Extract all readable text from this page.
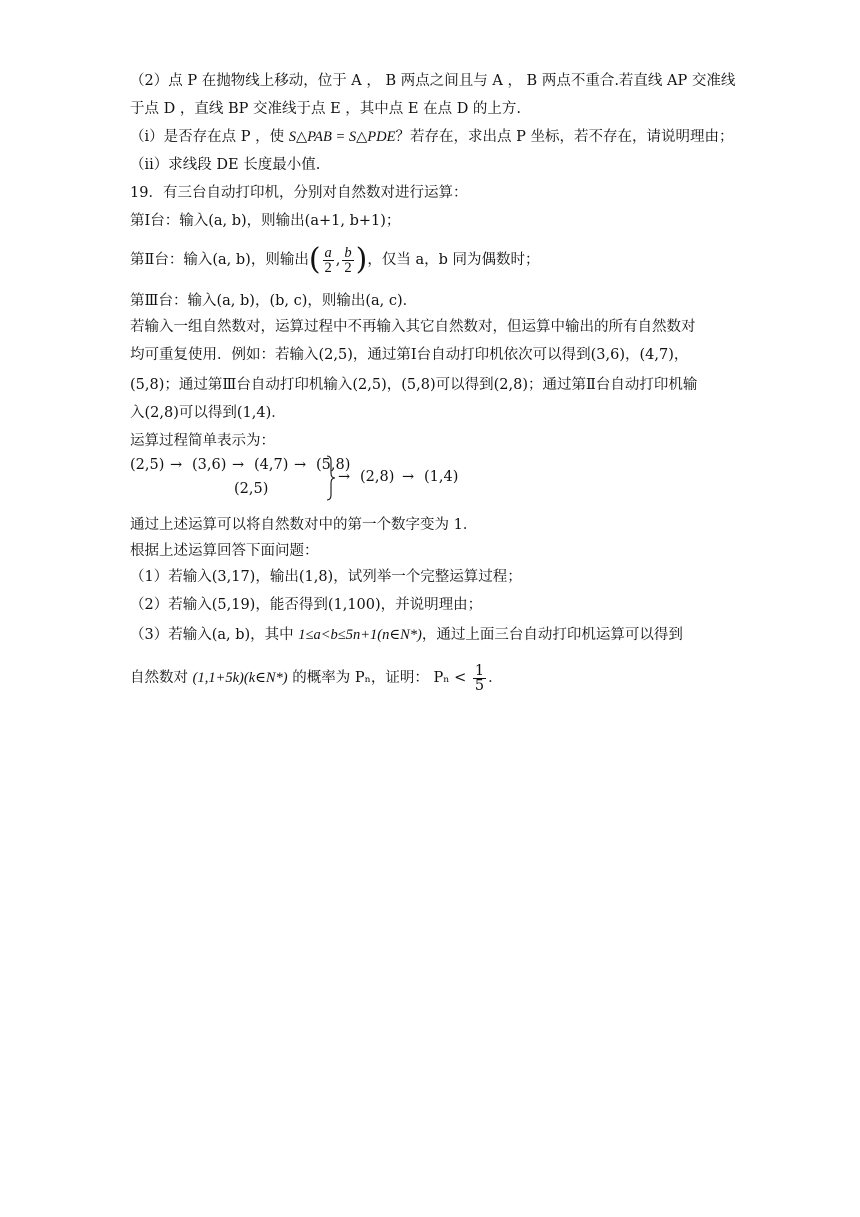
（2）点 P 在抛物线上移动，位于 A ， B 两点之间且与 A ， B 两点不重合.若直线 AP 交准线
于点 D ，直线 BP 交准线于点 E ，其中点 E 在点 D 的上方.
（i）是否存在点 P ，使 S△PAB = S△PDE？若存在，求出点 P 坐标，若不存在，请说明理由；
（ii）求线段 DE 长度最小值.
19．有三台自动打印机，分别对自然数对进行运算：
第Ⅰ台：输入(a, b)，则输出(a+1, b+1)；
第Ⅱ台：输入(a, b)，则输出( $\frac{a}{2}$ , $\frac{b}{2}$ )，仅当 a，b 同为偶数时；
第Ⅲ台：输入(a, b)，(b, c)，则输出(a, c)．
若输入一组自然数对，运算过程中不再输入其它自然数对，但运算中输出的所有自然数对
均可重复使用．例如：若输入(2,5)，通过第Ⅰ台自动打印机依次可以得到(3,6)，(4,7)，
(5,8)；通过第Ⅲ台自动打印机输入(2,5)，(5,8)可以得到(2,8)；通过第Ⅱ台自动打印机输
入(2,8)可以得到(1,4)．
运算过程简单表示为：
(2,5) → (3,6) → (4,7) → (5,8)
(2,5)
→ (2,8) → (1,4)
通过上述运算可以将自然数对中的第一个数字变为 1．
根据上述运算回答下面问题：
（1）若输入(3,17)，输出(1,8)，试列举一个完整运算过程；
（2）若输入(5,19)，能否得到(1,100)，并说明理由；
（3）若输入(a, b)，其中 1≤a<b≤5n+1(n∈N*)，通过上面三台自动打印机运算可以得到
自然数对 (1,1+5k)(k∈N*) 的概率为 Pₙ，证明： $P_n < \frac{1}{5}$ ．
